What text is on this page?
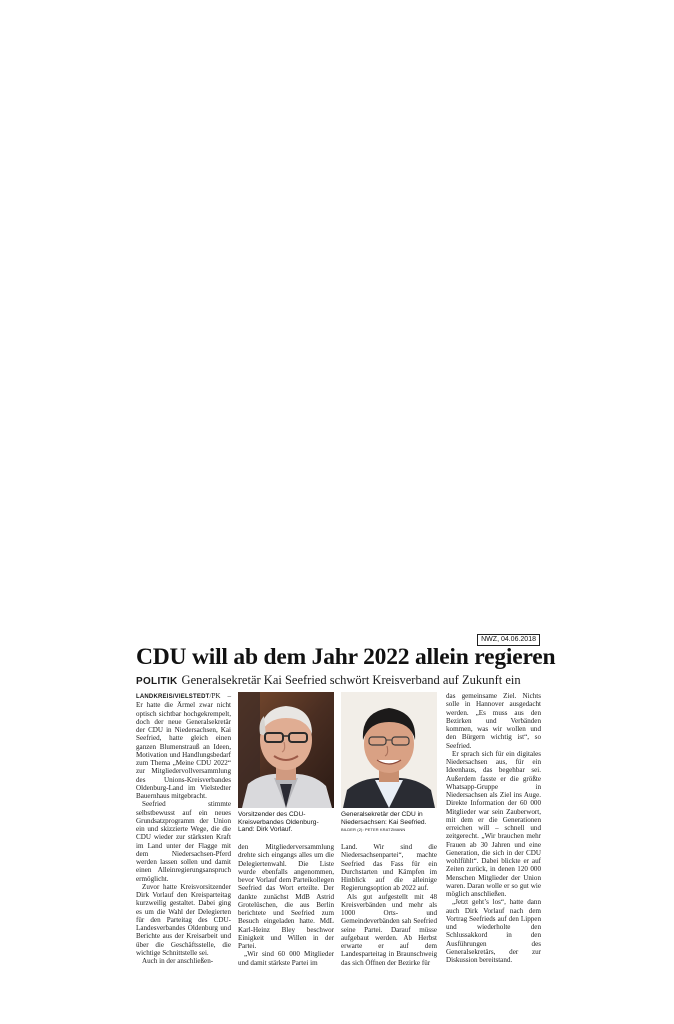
NWZ, 04.06.2018
CDU will ab dem Jahr 2022 allein regieren
POLITIK Generalsekretär Kai Seefried schwört Kreisverband auf Zukunft ein

LANDKREIS/VIELSTEDT/PK – Er hatte die Ärmel zwar nicht optisch sichtbar hochgekrempelt, doch der neue Generalsekretär der CDU in Niedersachsen, Kai Seefried, hatte gleich einen ganzen Blumenstrauß an Ideen, Motivation und Handlungsbedarf zum Thema „Meine CDU 2022“ zur Mitgliedervollversammlung des Unions-Kreisverbandes Oldenburg-Land im Vielstedter Bauernhaus mitgebracht.

Seefried stimmte selbstbewusst auf ein neues Grundsatzprogramm der Union ein und skizzierte Wege, die die CDU wieder zur stärksten Kraft im Land unter der Flagge mit dem Niedersachsen-Pferd werden lassen sollen und damit einen Alleinregierungsanspruch ermöglicht.

Zuvor hatte Kreisvorsitzender Dirk Vorlauf den Kreisparteitag kurzweilig gestaltet. Dabei ging es um die Wahl der Delegierten für den Parteitag des CDU-Landesverbandes Oldenburg und Berichte aus der Kreisarbeit und über die Geschäftsstelle, die wichtige Schnittstelle sei.

Auch in der anschließen-

Vorsitzender des CDU-Kreisverbandes Oldenburg-Land: Dirk Vorlauf.
Generalsekretär der CDU in Niedersachsen: Kai Seefried. BILDER (2): PETER KRATZMANN

den Mitgliederversammlung drehte sich eingangs alles um die Delegiertenwahl. Die Liste wurde ebenfalls angenommen, bevor Vorlauf dem Parteikollegen Seefried das Wort erteilte. Der dankte zunächst MdB Astrid Grotelüschen, die aus Berlin berichtete und Seefried zum Besuch eingeladen hatte. MdL Karl-Heinz Bley beschwor Einigkeit und Willen in der Partei.

„Wir sind 60 000 Mitglieder und damit stärkste Partei im

Land. Wir sind die Niedersachsenpartei“, machte Seefried das Fass für ein Durchstarten und Kämpfen im Hinblick auf die alleinige Regierungsoption ab 2022 auf.

Als gut aufgestellt mit 48 Kreisverbänden und mehr als 1000 Orts- und Gemeindeverbänden sah Seefried seine Partei. Darauf müsse aufgebaut werden. Ab Herbst erwarte er auf dem Landesparteitag in Braunschweig das sich Öffnen der Bezirke für

das gemeinsame Ziel. Nichts solle in Hannover ausgedacht werden. „Es muss aus den Bezirken und Verbänden kommen, was wir wollen und den Bürgern wichtig ist“, so Seefried.

Er sprach sich für ein digitales Niedersachsen aus, für ein Ideenhaus, das begehbar sei. Außerdem fasste er die größte Whatsapp-Gruppe in Niedersachsen als Ziel ins Auge. Direkte Information der 60 000 Mitglieder war sein Zauberwort, mit dem er die Generationen erreichen will – schnell und zeitgerecht. „Wir brauchen mehr Frauen ab 30 Jahren und eine Generation, die sich in der CDU wohlfühlt“. Dabei blickte er auf Zeiten zurück, in denen 120 000 Menschen Mitglieder der Union waren. Daran wolle er so gut wie möglich anschließen.

„Jetzt geht’s los“, hatte dann auch Dirk Vorlauf nach dem Vortrag Seefrieds auf den Lippen und wiederholte den Schlussakkord in den Ausführungen des Generalsekretärs, der zur Diskussion bereitstand.
